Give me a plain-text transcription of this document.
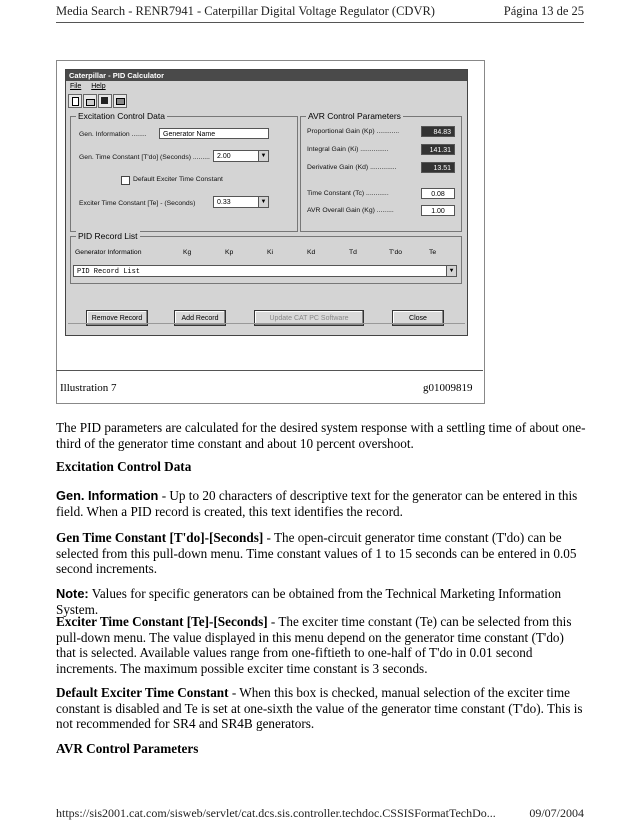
Media Search - RENR7941 - Caterpillar Digital Voltage Regulator (CDVR)	Página 13 de 25
Caterpillar - PID Calculator
File Help
Excitation Control Data
Gen. Information ........	Generator Name
Gen. Time Constant [T'do] (Seconds) .........	2.00	▼
Default Exciter Time Constant
Exciter Time Constant [Te] - (Seconds)	0.33	▼
AVR Control Parameters
Proportional Gain (Kp) ............	84.83
Integral Gain (Ki) ...............	141.31
Derivative Gain (Kd) ..............	13.51
Time Constant (Tc) ............	0.08
AVR Overall Gain (Kg) .........	1.00
PID Record List
Generator Information	Kg	Kp	Ki	Kd	Td	T'do	Te
PID Record List	▼
Remove Record	Add Record	Update CAT PC Software	Close
Illustration 7	g01009819
The PID parameters are calculated for the desired system response with a settling time of about one-third of the generator time constant and about 10 percent overshoot.
Excitation Control Data
Gen. Information - Up to 20 characters of descriptive text for the generator can be entered in this field. When a PID record is created, this text identifies the record.
Gen Time Constant [T'do]-[Seconds] - The open-circuit generator time constant (T'do) can be selected from this pull-down menu. Time constant values of 1 to 15 seconds can be entered in 0.05 second increments.
Note: Values for specific generators can be obtained from the Technical Marketing Information System.
Exciter Time Constant [Te]-[Seconds] - The exciter time constant (Te) can be selected from this pull-down menu. The value displayed in this menu depend on the generator time constant (T'do) that is selected. Available values range from one-fiftieth to one-half of T'do in 0.01 second increments. The maximum possible exciter time constant is 3 seconds.
Default Exciter Time Constant - When this box is checked, manual selection of the exciter time constant is disabled and Te is set at one-sixth the value of the generator time constant (T'do). This is not recommended for SR4 and SR4B generators.
AVR Control Parameters
https://sis2001.cat.com/sisweb/servlet/cat.dcs.sis.controller.techdoc.CSSISFormatTechDo...	09/07/2004
